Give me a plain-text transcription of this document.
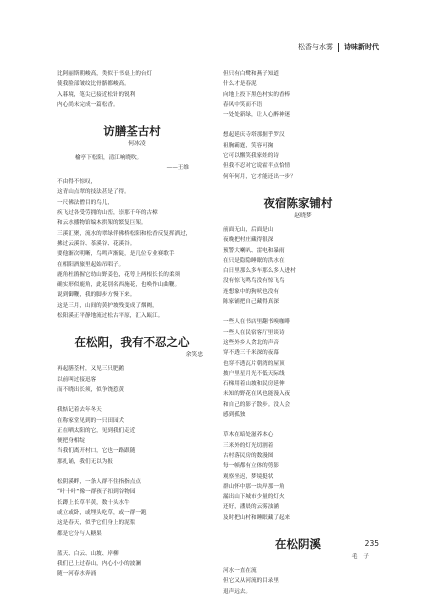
松香与水雾 诗味新时代
比阿丽斯朝峻高，类似于书桌上的台灯
使我脸部皱纹比骨骼都峻高。
入暮境，笔尖已接近松针的锐利
内心尚未完成一篇松香。
访膳荃古村
何冰凌
榆亭下松阳，清江响晓吹。
——王维
不由得不惊叹，
这青山点翠的技法甚是了得。
一尺佛法僧目的鸟儿，
疾飞过各受劳拥的山峦，崇那千年的古樟
和云水播物馆编木拱架的繁复巨架。
三溪汇聚，流水的翠绿伴佛桥松阳和松香反复挥洒过，
拂过云溪谷、茶溪谷、花溪谷。
要他渐次明晰，鸟鸣声渐陡，是几位专业赛歌手
在相阳酒旅里起始吊唱子。
鹿角杜鹃握它幼山野姜色，花萼上两根长长的柔须
确实形似鹿角，此花别名西施花，也唤作山曲鞭。
说到御鞭，我的脚步方慢下来。
这是三月，山间的黄护坡残变成了烟阙，
松阳溪正平静地流过松古平原，汇入瓯江。
在松阳，我有不忍之心
余笑忠
再起膳荃村，又见三只肥鹅
以前叫过接迅客
而不晓出长须，似争饶惹黄
我惦记着去年冬天
在称家堂见到的一只田园犬
正在晒太阳的它，见到我们走近
便把身相绽
当我们离开村口，它也一路跟随
那扎诵，我们无以为报
松阴溪畔，一条人群不住指指点点
“叶十叶”像一群孩子扣到谷物园
长蹲上长草半黄，数十头水牛
或立或卧，或埋头吃草，或一群一跑
这是春天，似乎它们身上的泥浆
都是它分与人糖果
蓝天、白云、山坡、岸柳
我们已上过春山，内心小小的波澜
随一河春水奔涌
但只有白鹭和燕子知道
什么才是春泥
向地上投下黑色村实的香棒
春风中笑而不语
一处处新绿，让人心醉神迷
想起延庆寺塔那据乎罗汉
祖胸霸霆，笑容可掬
它可以懈笑我家娃的诗
但我不忍对它说霍半点恰情
何年何月，它才能还出一步？
夜宿陈家铺村
赵晓梦
前面无山，后面是山
夜晚把村庄藏得很深
预警大喇叭、雷电和暴雨
在只是隐隐睡眠的洪水在
白日里那么多车那么多人进村
没有惊飞鸣鸟没有惊飞鸟
连想象中的狗吠也没有
陈家铺把自己藏得真深
一些人在书店里翻书嗅咖啡
一些人在民宿客厅里谈诗
这些外乡人贪北的声音
穿不透三千米深的夜幕
也穿不透瓦片朝湾的屋顶
披户里星月光不低天际线
石梯用着山坡和民房延伸
未知的野花在风也能漫入夜
和自己的影子散步。没人会
感到孤独
草木在暗处滋养本心
三米外的灯光切割着
古村落民房的数漫图
每一帧都有立体的剪影
观察坐迟，梦境挺状
群山怀中那一块岸那一角
漏出山下城市少量的灯火
还好，潘晨的云雾浊涵
及时把山村和睡眠藏了起来
在松阴溪
毛　子
河水一直在流
但它又从河流的目录里
退声远去。
235
